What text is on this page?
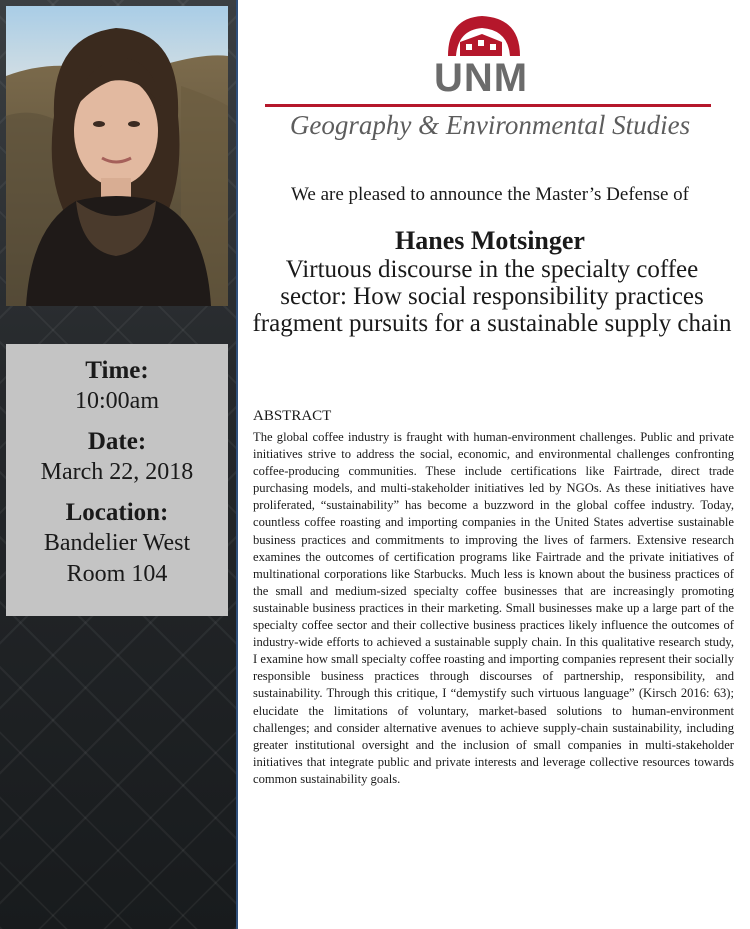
Time:
10:00am
Date:
March 22, 2018
Location:
Bandelier West
Room 104
UNM
Geography & Environmental Studies
We are pleased to announce the Master’s Defense of
Hanes Motsinger
Virtuous discourse in the specialty coffee sector: How social responsibility practices fragment pursuits for a sustainable supply chain
ABSTRACT
The global coffee industry is fraught with human-environment challenges. Public and private initiatives strive to address the social, economic, and environmental challenges confronting coffee-producing communities. These include certifications like Fairtrade, direct trade purchasing models, and multi-stakeholder initiatives led by NGOs. As these initiatives have proliferated, “sustainability” has become a buzzword in the global coffee industry. Today, countless coffee roasting and importing companies in the United States advertise sustainable business practices and commitments to improving the lives of farmers. Extensive research examines the outcomes of certification programs like Fairtrade and the private initiatives of multinational corporations like Starbucks. Much less is known about the business practices of the small and medium-sized specialty coffee businesses that are increasingly promoting sustainable business practices in their marketing. Small businesses make up a large part of the specialty coffee sector and their collective business practices likely influence the outcomes of industry-wide efforts to achieved a sustainable supply chain. In this qualitative research study, I examine how small specialty coffee roasting and importing companies represent their socially responsible business practices through discourses of partnership, responsibility, and sustainability. Through this critique, I “demystify such virtuous language” (Kirsch 2016: 63); elucidate the limitations of voluntary, market-based solutions to human-environment challenges; and consider alternative avenues to achieve supply-chain sustainability, including greater institutional oversight and the inclusion of small companies in multi-stakeholder initiatives that integrate public and private interests and leverage collective resources towards common sustainability goals.
